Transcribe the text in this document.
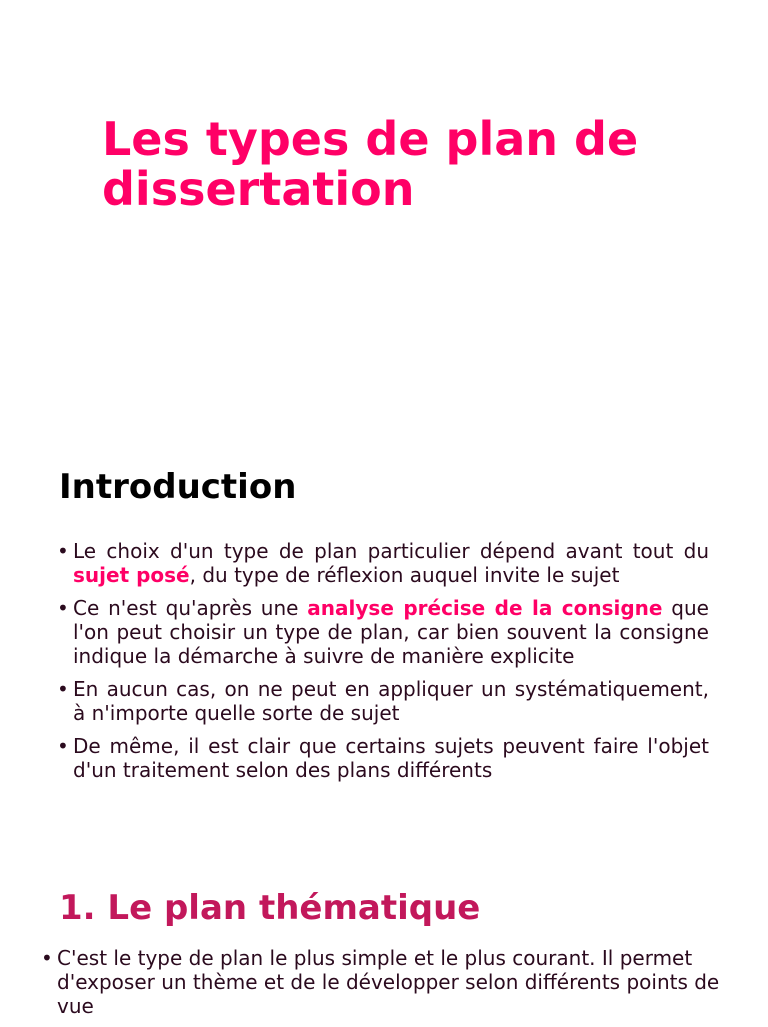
Les types de plan de dissertation
Introduction
• Le choix d'un type de plan particulier dépend avant tout du sujet posé, du type de réflexion auquel invite le sujet
• Ce n'est qu'après une analyse précise de la consigne que l'on peut choisir un type de plan, car bien souvent la consigne indique la démarche à suivre de manière explicite
• En aucun cas, on ne peut en appliquer un systématiquement, à n'importe quelle sorte de sujet
• De même, il est clair que certains sujets peuvent faire l'objet d'un traitement selon des plans différents
1. Le plan thématique
• C'est le type de plan le plus simple et le plus courant. Il permet d'exposer un thème et de le développer selon différents points de vue
